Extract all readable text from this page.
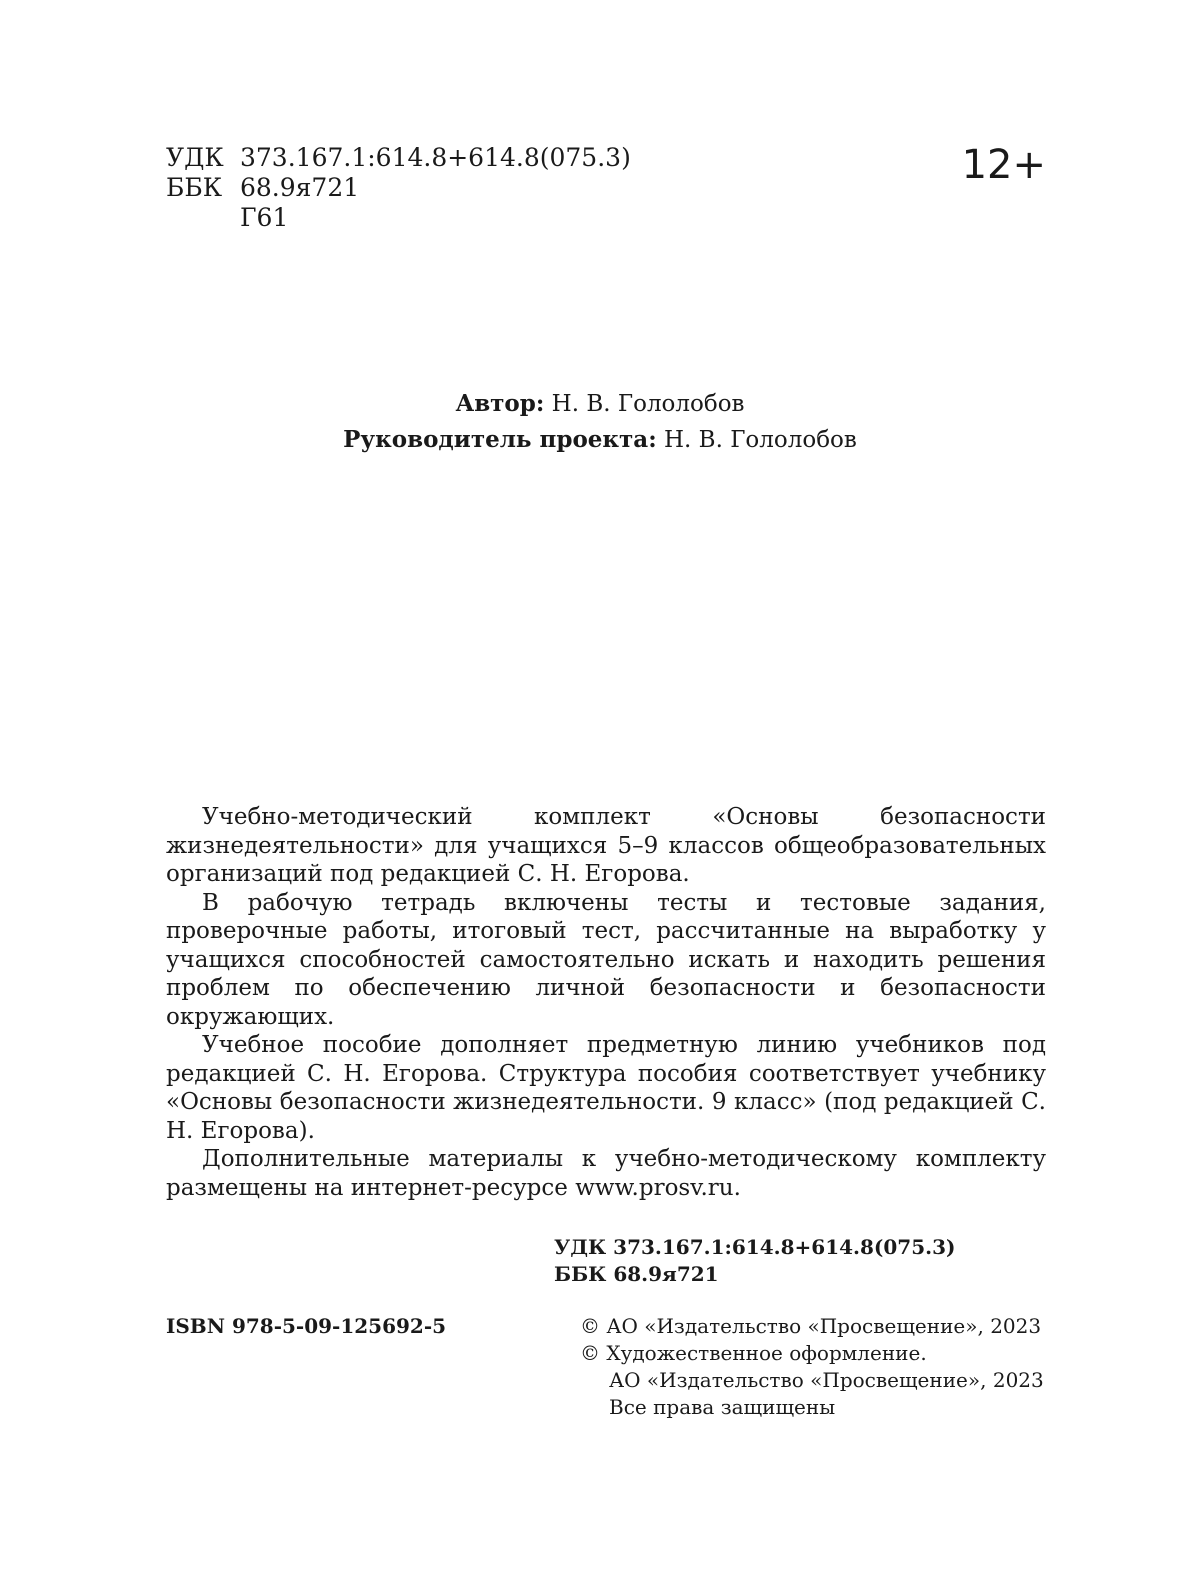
УДК 373.167.1:614.8+614.8(075.3)
ББК 68.9я721
Г61
12+
Автор: Н. В. Гололобов
Руководитель проекта: Н. В. Гололобов

Учебно-методический комплект «Основы безопасности жизнедеятельности» для учащихся 5–9 классов общеобразовательных организаций под редакцией С. Н. Егорова.

В рабочую тетрадь включены тесты и тестовые задания, проверочные работы, итоговый тест, рассчитанные на выработку у учащихся способностей самостоятельно искать и находить решения проблем по обеспечению личной безопасности и безопасности окружающих.

Учебное пособие дополняет предметную линию учебников под редакцией С. Н. Егорова. Структура пособия соответствует учебнику «Основы безопасности жизнедеятельности. 9 класс» (под редакцией С. Н. Егорова).

Дополнительные материалы к учебно-методическому комплекту размещены на интернет-ресурсе www.prosv.ru.

УДК 373.167.1:614.8+614.8(075.3)
ББК 68.9я721
ISBN 978-5-09-125692-5	© АО «Издательство «Просвещение», 2023
© Художественное оформление.
АО «Издательство «Просвещение», 2023
Все права защищены
